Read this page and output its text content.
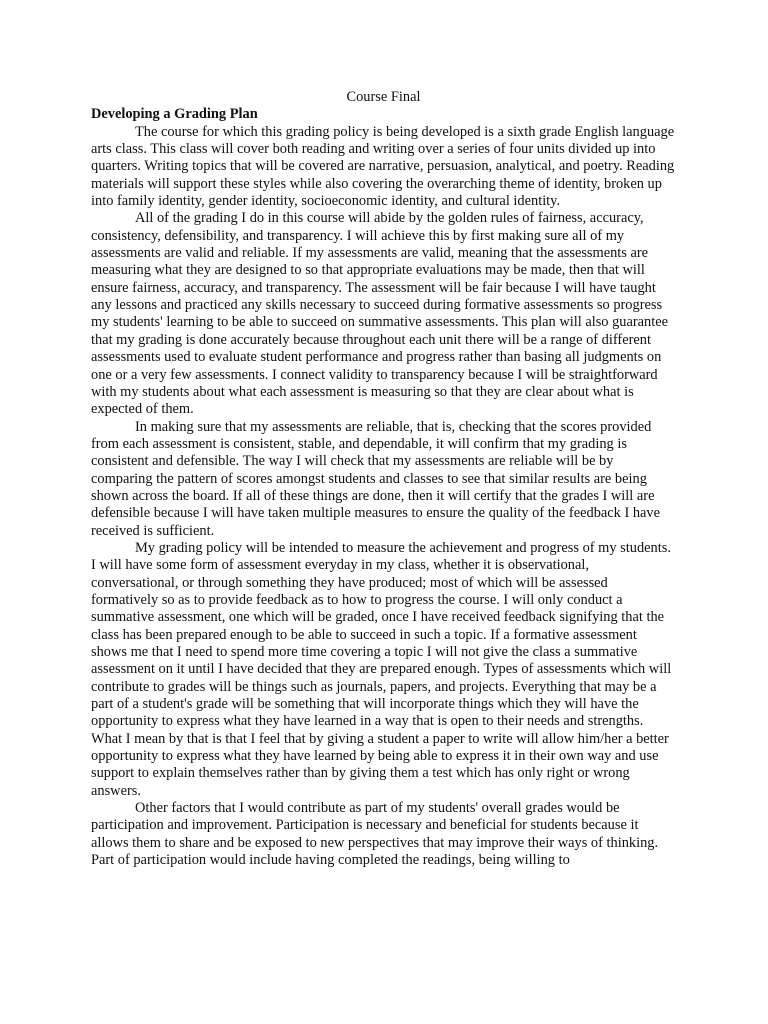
Course Final

Developing a Grading Plan

The course for which this grading policy is being developed is a sixth grade English language arts class. This class will cover both reading and writing over a series of four units divided up into quarters. Writing topics that will be covered are narrative, persuasion, analytical, and poetry. Reading materials will support these styles while also covering the overarching theme of identity, broken up into family identity, gender identity, socioeconomic identity, and cultural identity.

All of the grading I do in this course will abide by the golden rules of fairness, accuracy, consistency, defensibility, and transparency. I will achieve this by first making sure all of my assessments are valid and reliable. If my assessments are valid, meaning that the assessments are measuring what they are designed to so that appropriate evaluations may be made, then that will ensure fairness, accuracy, and transparency. The assessment will be fair because I will have taught any lessons and practiced any skills necessary to succeed during formative assessments so progress my students' learning to be able to succeed on summative assessments. This plan will also guarantee that my grading is done accurately because throughout each unit there will be a range of different assessments used to evaluate student performance and progress rather than basing all judgments on one or a very few assessments. I connect validity to transparency because I will be straightforward with my students about what each assessment is measuring so that they are clear about what is expected of them.

In making sure that my assessments are reliable, that is, checking that the scores provided from each assessment is consistent, stable, and dependable, it will confirm that my grading is consistent and defensible. The way I will check that my assessments are reliable will be by comparing the pattern of scores amongst students and classes to see that similar results are being shown across the board. If all of these things are done, then it will certify that the grades I will are defensible because I will have taken multiple measures to ensure the quality of the feedback I have received is sufficient.

My grading policy will be intended to measure the achievement and progress of my students. I will have some form of assessment everyday in my class, whether it is observational, conversational, or through something they have produced; most of which will be assessed formatively so as to provide feedback as to how to progress the course. I will only conduct a summative assessment, one which will be graded, once I have received feedback signifying that the class has been prepared enough to be able to succeed in such a topic. If a formative assessment shows me that I need to spend more time covering a topic I will not give the class a summative assessment on it until I have decided that they are prepared enough. Types of assessments which will contribute to grades will be things such as journals, papers, and projects. Everything that may be a part of a student's grade will be something that will incorporate things which they will have the opportunity to express what they have learned in a way that is open to their needs and strengths. What I mean by that is that I feel that by giving a student a paper to write will allow him/her a better opportunity to express what they have learned by being able to express it in their own way and use support to explain themselves rather than by giving them a test which has only right or wrong answers.

Other factors that I would contribute as part of my students' overall grades would be participation and improvement. Participation is necessary and beneficial for students because it allows them to share and be exposed to new perspectives that may improve their ways of thinking. Part of participation would include having completed the readings, being willing to
